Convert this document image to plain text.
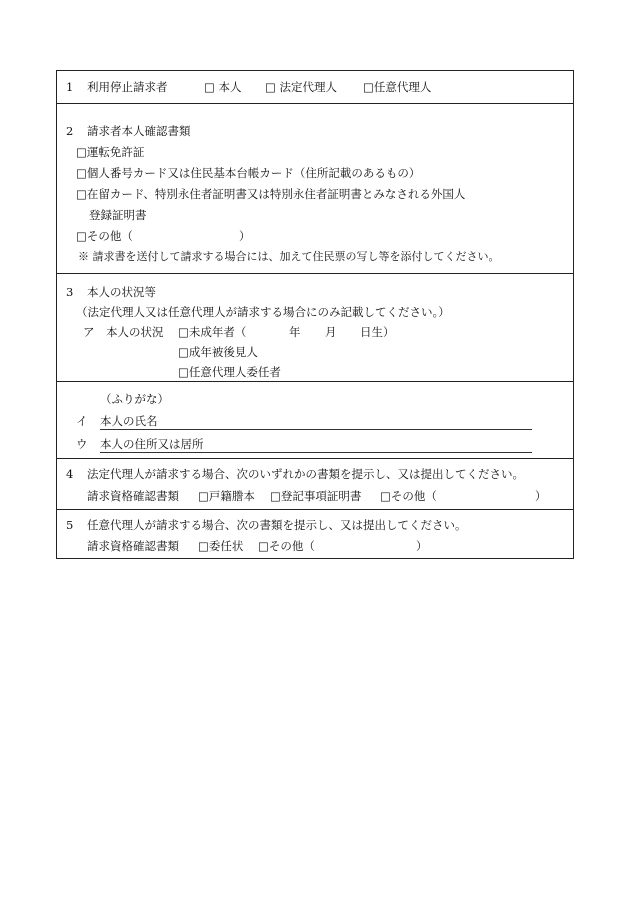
1 利用停止請求者	□ 本人 □ 法定代理人 □任意代理人
2 請求者本人確認書類
□運転免許証
□個人番号カード又は住民基本台帳カード（住所記載のあるもの）
□在留カード、特別永住者証明書又は特別永住者証明書とみなされる外国人
登録証明書
□その他（	）
※ 請求書を送付して請求する場合には、加えて住民票の写し等を添付してください。
3 本人の状況等
（法定代理人又は任意代理人が請求する場合にのみ記載してください。）
ア　本人の状況 □未成年者（	年 月 日生）
□成年被後見人
□任意代理人委任者
（ふりがな）
イ 本人の氏名
ウ 本人の住所又は居所
4 法定代理人が請求する場合、次のいずれかの書類を提示し、又は提出してください。
請求資格確認書類 □戸籍謄本 □登記事項証明書 □その他（	）
5 任意代理人が請求する場合、次の書類を提示し、又は提出してください。
請求資格確認書類 □委任状 □その他（	）
